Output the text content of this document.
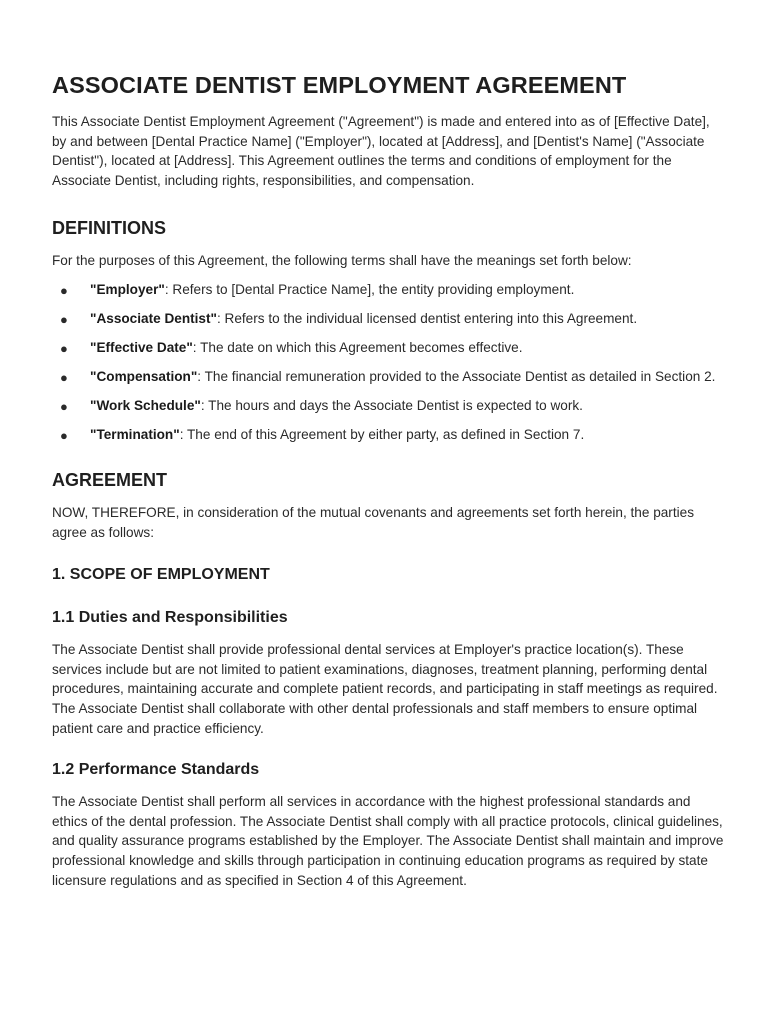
ASSOCIATE DENTIST EMPLOYMENT AGREEMENT

This Associate Dentist Employment Agreement ("Agreement") is made and entered into as of [Effective Date], by and between [Dental Practice Name] ("Employer"), located at [Address], and [Dentist's Name] ("Associate Dentist"), located at [Address]. This Agreement outlines the terms and conditions of employment for the Associate Dentist, including rights, responsibilities, and compensation.

DEFINITIONS

For the purposes of this Agreement, the following terms shall have the meanings set forth below:

● "Employer": Refers to [Dental Practice Name], the entity providing employment.
● "Associate Dentist": Refers to the individual licensed dentist entering into this Agreement.
● "Effective Date": The date on which this Agreement becomes effective.
● "Compensation": The financial remuneration provided to the Associate Dentist as detailed in Section 2.
● "Work Schedule": The hours and days the Associate Dentist is expected to work.
● "Termination": The end of this Agreement by either party, as defined in Section 7.
AGREEMENT

NOW, THEREFORE, in consideration of the mutual covenants and agreements set forth herein, the parties agree as follows:

1. SCOPE OF EMPLOYMENT
1.1 Duties and Responsibilities

The Associate Dentist shall provide professional dental services at Employer's practice location(s). These services include but are not limited to patient examinations, diagnoses, treatment planning, performing dental procedures, maintaining accurate and complete patient records, and participating in staff meetings as required. The Associate Dentist shall collaborate with other dental professionals and staff members to ensure optimal patient care and practice efficiency.

1.2 Performance Standards

The Associate Dentist shall perform all services in accordance with the highest professional standards and ethics of the dental profession. The Associate Dentist shall comply with all practice protocols, clinical guidelines, and quality assurance programs established by the Employer. The Associate Dentist shall maintain and improve professional knowledge and skills through participation in continuing education programs as required by state licensure regulations and as specified in Section 4 of this Agreement.
